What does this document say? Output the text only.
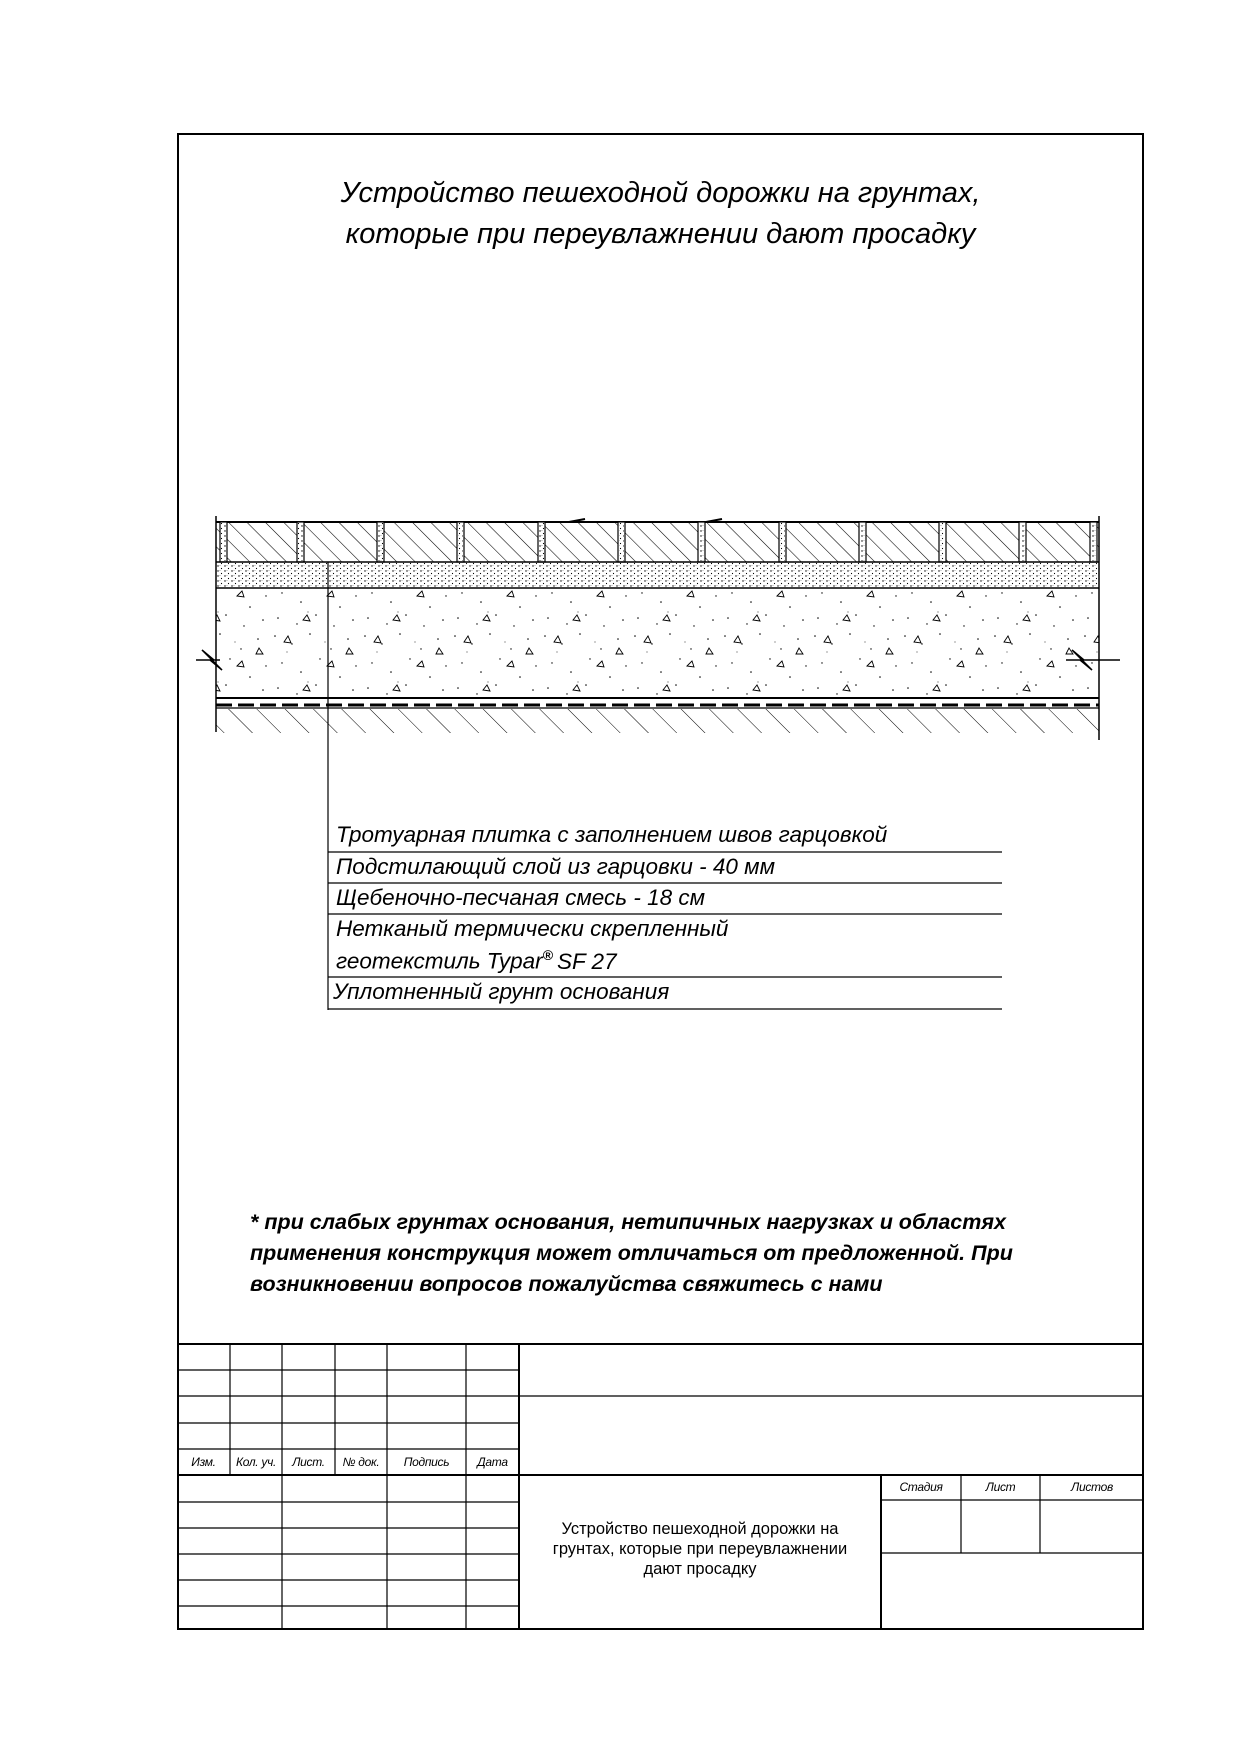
Устройство пешеходной дорожки на грунтах,
которые при переувлажнении дают просадку
Тротуарная плитка с заполнением швов гарцовкой
Подстилающий слой из гарцовки - 40 мм
Щебеночно-песчаная смесь - 18 см
Нетканый термически скрепленный
геотекстиль Typar® SF 27
Уплотненный грунт основания
* при слабых грунтах основания, нетипичных нагрузках и областях
применения конструкция может отличаться от предложенной. При
возникновении вопросов пожалуйства свяжитесь с нами
Изм.	Кол. уч.	Лист.	№ док.	Подпись	Дата
Стадия	Лист	Листов
Устройство пешеходной дорожки на
грунтах, которые при переувлажнении
дают просадку
